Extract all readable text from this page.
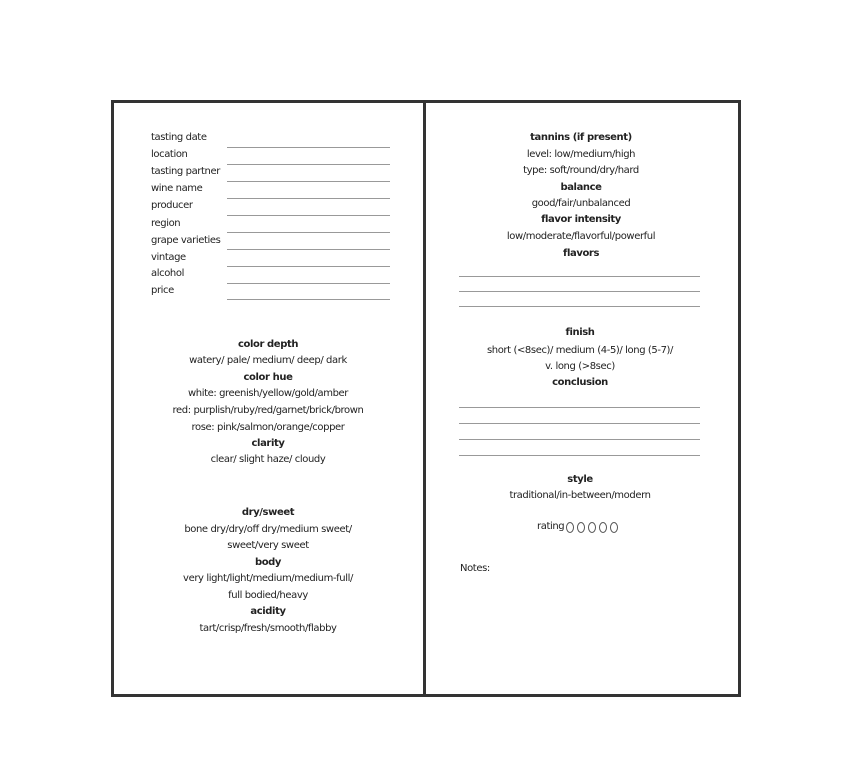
tasting date
location
tasting partner
wine name
producer
region
grape varieties
vintage
alcohol
price
color depth
watery/ pale/ medium/ deep/ dark
color hue
white: greenish/yellow/gold/amber
red: purplish/ruby/red/garnet/brick/brown
rose: pink/salmon/orange/copper
clarity
clear/ slight haze/ cloudy
dry/sweet
bone dry/dry/off dry/medium sweet/
sweet/very sweet
body
very light/light/medium/medium-full/
full bodied/heavy
acidity
tart/crisp/fresh/smooth/flabby
tannins (if present)
level: low/medium/high
type: soft/round/dry/hard
balance
good/fair/unbalanced
flavor intensity
low/moderate/flavorful/powerful
flavors
finish
short (<8sec)/ medium (4-5)/ long (5-7)/
v. long (>8sec)
conclusion
style
traditional/in-between/modern
rating
Notes:
